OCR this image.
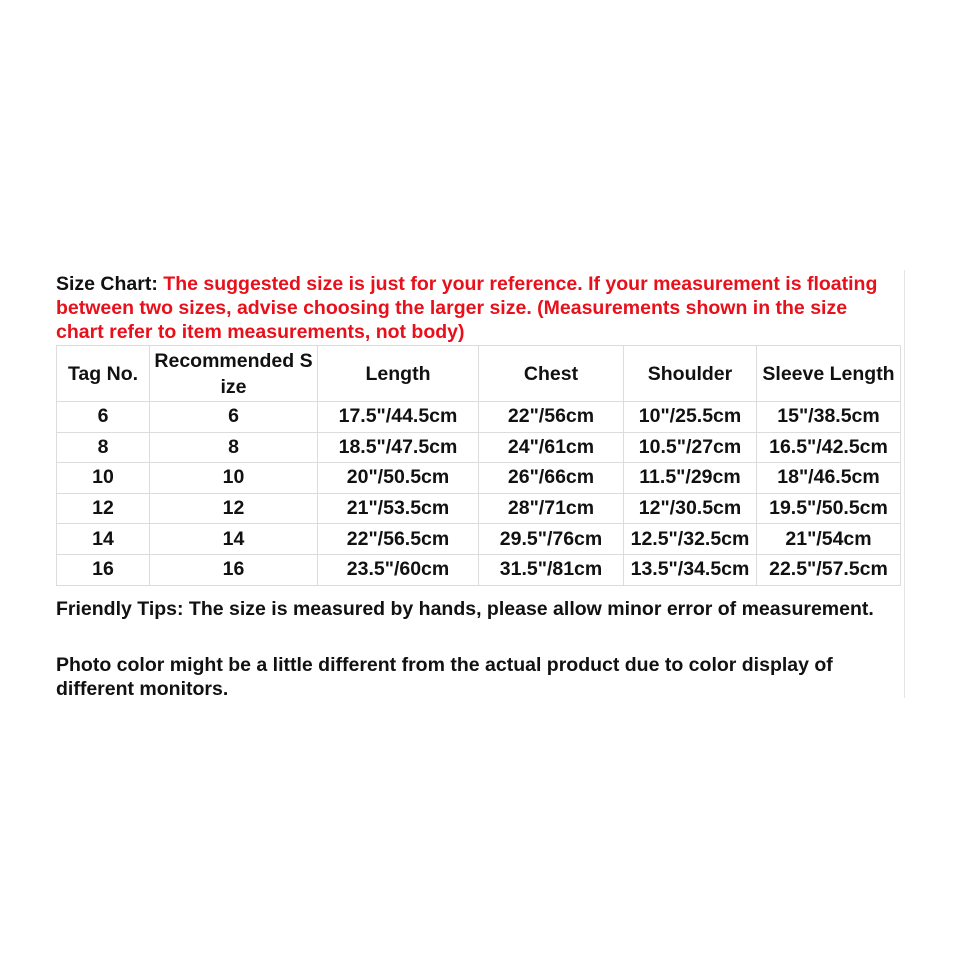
Size Chart: The suggested size is just for your reference. If your measurement is floating between two sizes, advise choosing the larger size. (Measurements shown in the size chart refer to item measurements, not body)
Tag No.	Recommended Size	Length	Chest	Shoulder	Sleeve Length
6	6	17.5"/44.5cm	22"/56cm	10"/25.5cm	15"/38.5cm
8	8	18.5"/47.5cm	24"/61cm	10.5"/27cm	16.5"/42.5cm
10	10	20"/50.5cm	26"/66cm	11.5"/29cm	18"/46.5cm
12	12	21"/53.5cm	28"/71cm	12"/30.5cm	19.5"/50.5cm
14	14	22"/56.5cm	29.5"/76cm	12.5"/32.5cm	21"/54cm
16	16	23.5"/60cm	31.5"/81cm	13.5"/34.5cm	22.5"/57.5cm
Friendly Tips: The size is measured by hands, please allow minor error of measurement.
Photo color might be a little different from the actual product due to color display of different monitors.
